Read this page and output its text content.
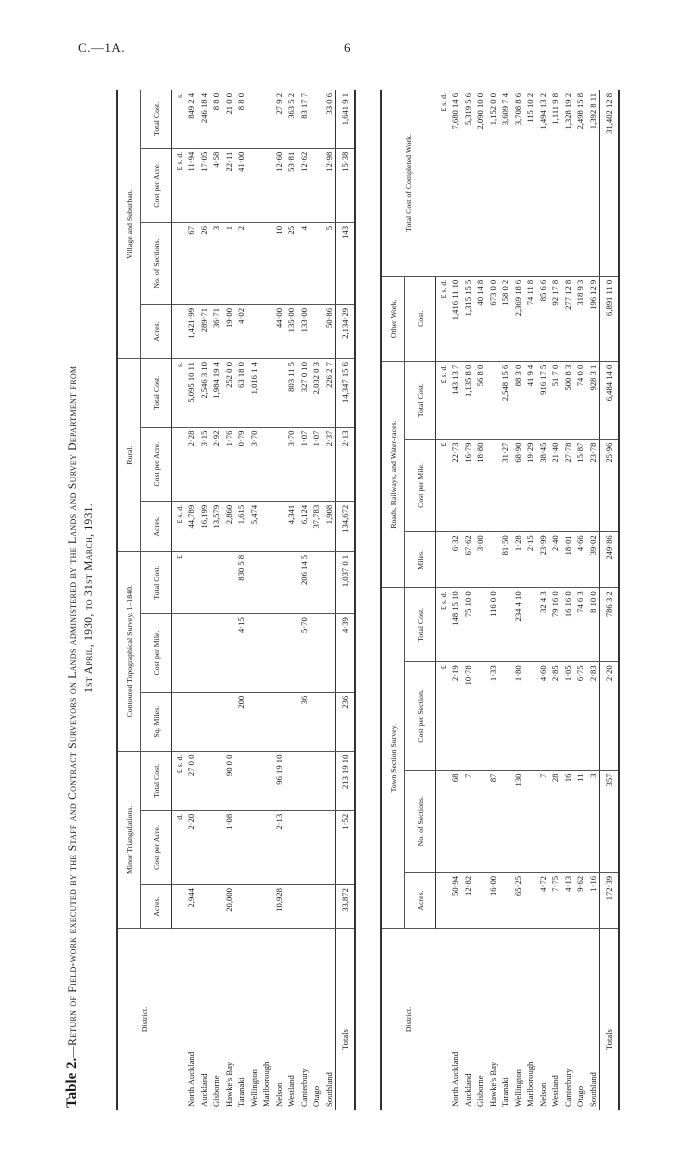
C.—1A.	6
Table 2.—Return of Field-work executed by the Staff and Contract Surveyors on Lands administered by the Lands and Survey Department from 1st April, 1930, to 31st March, 1931.
District.	Minor Triangulations.			Contoured Topographical Survey. 1–1840.			Rural.			Village and Suburban.			
	Acres.	Cost per Acre.	Total Cost.	Sq. Miles.	Cost per Mile.	Total Cost.	Acres.	Cost per Acre.	Total Cost.	Acres.	No. of Sections.	Cost per Acre.	Total Cost.
		d.	£ s. d.			£	£ s. d.		s.			£ s. d.	s.
North Auckland	2,944	2·20	27 0 0				44,789	2·28	5,095 10 11	1,421·99	67	11·94	849 2 4
Auckland							16,199	3·15	2,546 3 10	289·71	26	17·05	246 18 4
Gisborne							13,579	2·92	1,984 19 4	36·71	3	4·58	8 8 0
Hawke's Bay	20,000	1·08	90 0 0				2,860	1·76	252 0 0	19·00	1	22·11	21 0 0
Taranaki				200	4·15	830 5 8	1,615	0·79	63 18 0	4·02	2	41·00	8 8 0
Wellington							5,474	3·70	1,016 1 4				
Marlborough													
Nelson	10,928	2·13	96 19 10							44·00	10	12·60	27 9 2
Westland							4,341	3·70	803 11 5	135·00	25	53·81	363 5 2
Canterbury				36	5·70	206 14 5	6,124	1·07	327 0 10	133·00	4	12·62	83 17 7
Otago							37,783	1·07	2,032 0 3				
Southland							1,908	2·37	226 2 7	50·86	5	12·98	33 0 6
Totals	33,872	1·52	213 19 10	236	4·39	1,037 0 1	134,672	2·13	14,347 15 6	2,134·29	143	15·38	1,641 9 1
District.	Town Section Survey.				Roads, Railways, and Water-races.			Other Work.	Total Cost of Completed Work.
	Acres.	No. of Sections.	Cost per Section.	Total Cost.	Miles.	Cost per Mile.	Total Cost.	Cost.	
			£	£ s. d.		£	£ s. d.	£ s. d.	£ s. d.
North Auckland	50·94	68	2·19	148 15 10	6·32	22·73	143 13 7	1,416 11 10	7,680 14 6
Auckland	12·82	7	10·78	75 10 0	67·62	16·79	1,135 8 0	1,315 15 5	5,319 5 6
Gisborne					3·00	18·80	56 8 0	40 14 8	2,090 10 0
Hawke's Bay	16·00	87	1·33	116 0 0				673 0 0	1,152 0 0
Taranaki					81·50	31·27	2,548 15 6	158 0 2	3,609 7 4
Wellington	65·25	130	1·80	234 4 10	1·28	68·90	88 3 0	2,369 18 6	3,708 8 6
Marlborough					2·15	19·29	41 9 4	74 11 8	115 10 2
Nelson	4·72	7	4·60	32 4 3	23·99	38·45	916 17 5	85 6 6	1,494 13 2
Westland	7·75	28	2·85	79 16 0	2·40	21·40	51 7 0	92 17 8	1,111 9 8
Canterbury	4·13	16	1·05	16 16 0	18·01	27·78	500 8 3	277 12 8	1,328 19 2
Otago	9·62	11	6·75	74 6 3	4·66	15·87	74 0 0	318 9 3	2,498 15 8
Southland	1·16	3	2·83	8 10 0	39·02	23·78	928 3 1	196 12 9	1,392 8 11
Totals	172·39	357	2·20	786 3 2	249·86	25·96	6,484 14 0	6,891 11 0	31,402 12 8
